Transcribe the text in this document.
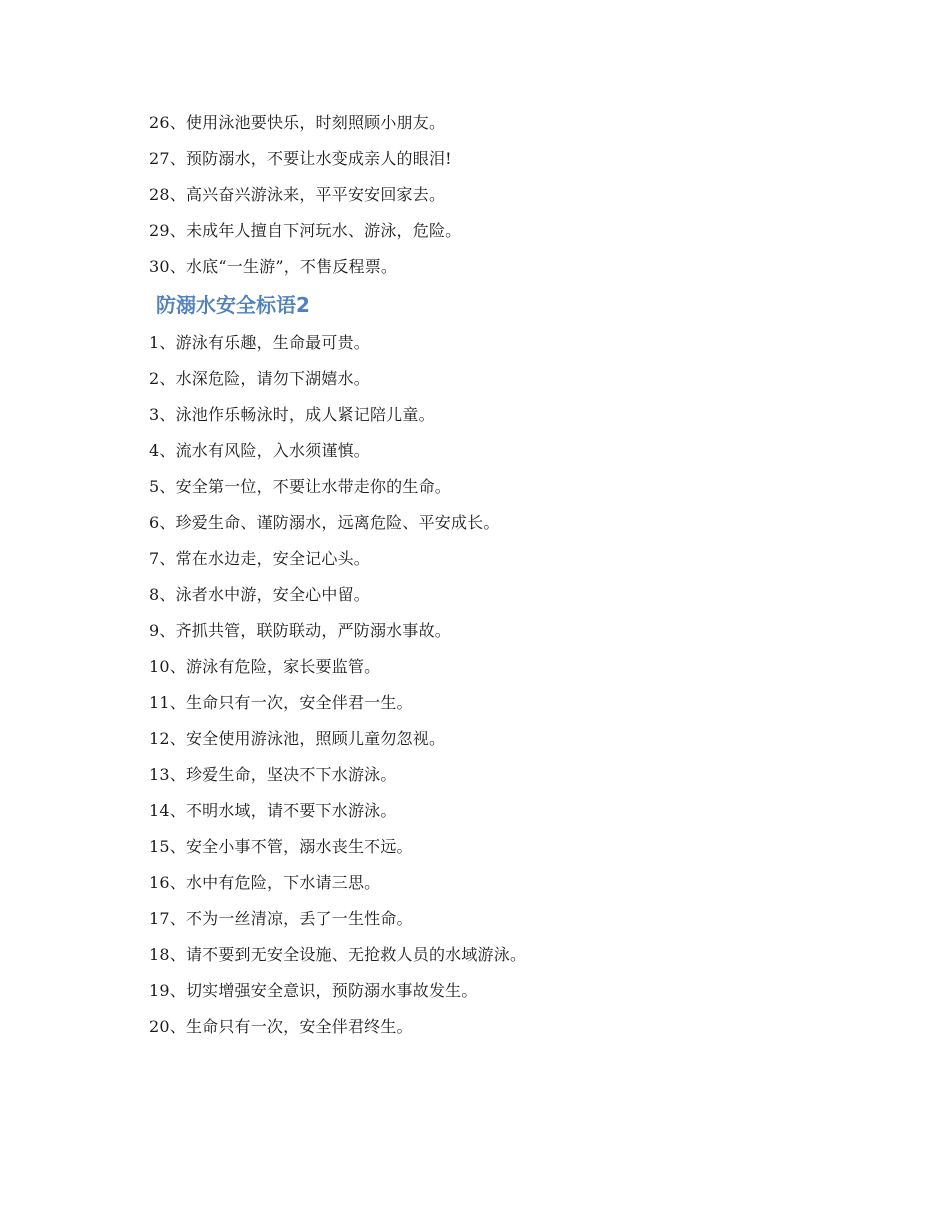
26、使用泳池要快乐，时刻照顾小朋友。
27、预防溺水，不要让水变成亲人的眼泪!
28、高兴奋兴游泳来，平平安安回家去。
29、未成年人擅自下河玩水、游泳，危险。
30、水底“一生游”，不售反程票。
防溺水安全标语2
1、游泳有乐趣，生命最可贵。
2、水深危险，请勿下湖嬉水。
3、泳池作乐畅泳时，成人紧记陪儿童。
4、流水有风险，入水须谨慎。
5、安全第一位，不要让水带走你的生命。
6、珍爱生命、谨防溺水，远离危险、平安成长。
7、常在水边走，安全记心头。
8、泳者水中游，安全心中留。
9、齐抓共管，联防联动，严防溺水事故。
10、游泳有危险，家长要监管。
11、生命只有一次，安全伴君一生。
12、安全使用游泳池，照顾儿童勿忽视。
13、珍爱生命，坚决不下水游泳。
14、不明水域，请不要下水游泳。
15、安全小事不管，溺水丧生不远。
16、水中有危险，下水请三思。
17、不为一丝清凉，丢了一生性命。
18、请不要到无安全设施、无抢救人员的水域游泳。
19、切实增强安全意识，预防溺水事故发生。
20、生命只有一次，安全伴君终生。
